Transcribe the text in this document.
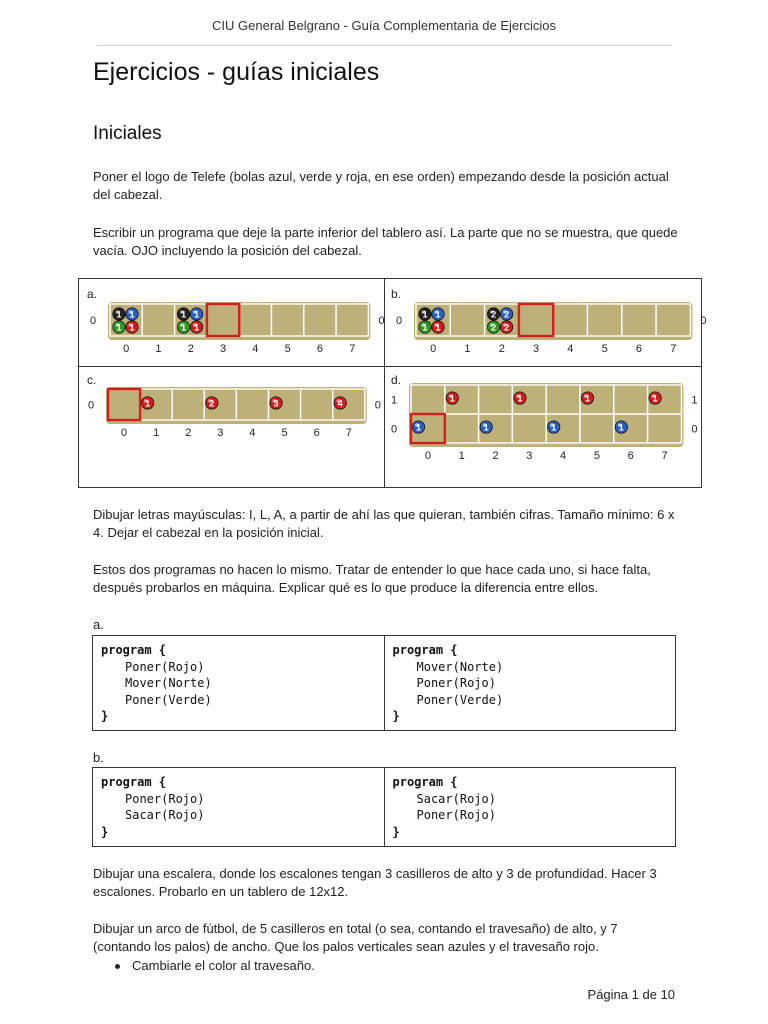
CIU General Belgrano - Guía Complementaria de Ejercicios
Ejercicios - guías iniciales
Iniciales

Poner el logo de Telefe (bolas azul, verde y roja, en ese orden) empezando desde la posición actual del cabezal.

Escribir un programa que deje la parte inferior del tablero así. La parte que no se muestra, que quede vacía. OJO incluyendo la posición del cabezal.

a.
1 1
1 1
1 1
1 1
0 1 2 3 4 5 6 7
0	0
b.
1 1
1 1
2 2
2 2
0	1	2	3	4	5	6	7
0	0
c.
1	2	3	4
0 1 2 3 4 5 6 7
0	0
d.
1	1	1	1
1	1	1	1
0	1	2	3	4	5	6	7
0	0
1	1

Dibujar letras mayúsculas: I, L, A, a partir de ahí las que quieran, también cifras. Tamaño mínimo: 6 x 4. Dejar el cabezal en la posición inicial.

Estos dos programas no hacen lo mismo. Tratar de entender lo que hace cada uno, si hace falta, después probarlos en máquina. Explicar qué es lo que produce la diferencia entre ellos.

a.

program {
Poner(Rojo)
Mover(Norte)
Poner(Verde)
}
program {
Mover(Norte)
Poner(Rojo)
Poner(Verde)
}

b.

program {
Poner(Rojo)
Sacar(Rojo)
}
program {
Sacar(Rojo)
Poner(Rojo)
}

Dibujar una escalera, donde los escalones tengan 3 casilleros de alto y 3 de profundidad. Hacer 3 escalones. Probarlo en un tablero de 12x12.

Dibujar un arco de fútbol, de 5 casilleros en total (o sea, contando el travesaño) de alto, y 7 (contando los palos) de ancho. Que los palos verticales sean azules y el travesaño rojo.

Cambiarle el color al travesaño.
Página 1 de 10
